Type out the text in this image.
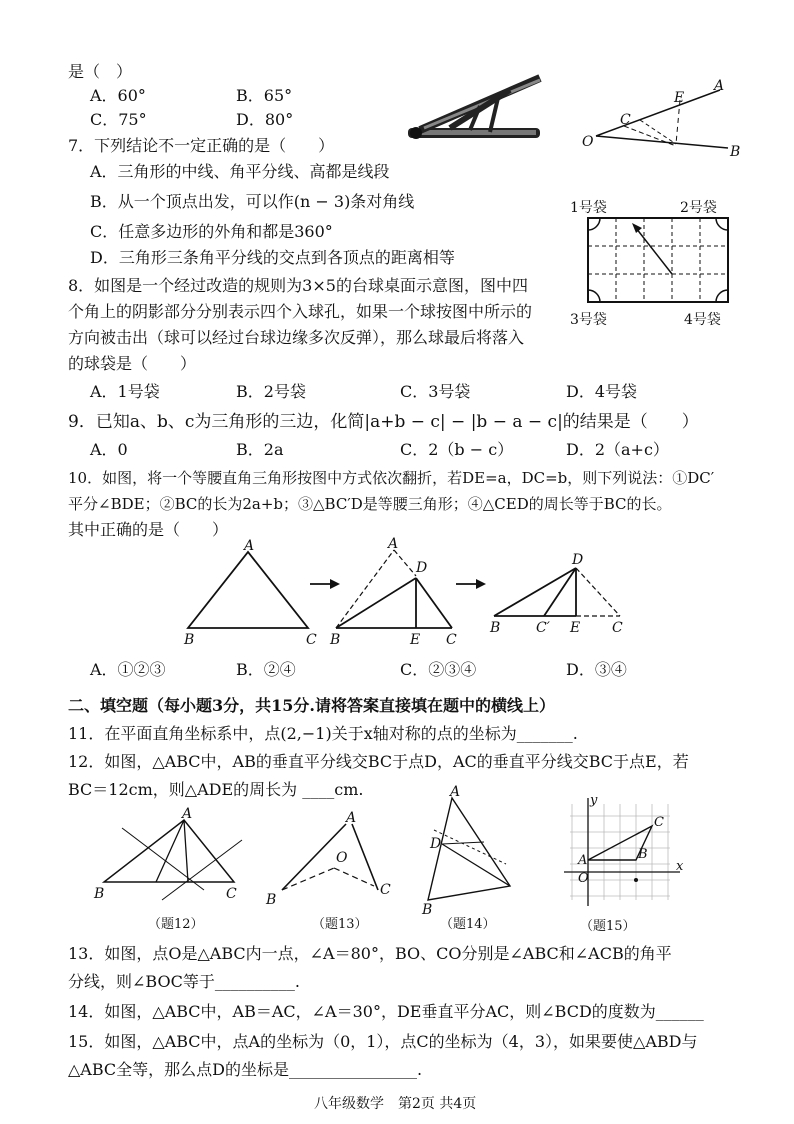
是（　）
A．60°	B．65°
C．75°	D．80°
O
A
B
C
E
7．下列结论不一定正确的是（　　）
A．三角形的中线、角平分线、高都是线段
B．从一个顶点出发，可以作(n − 3)条对角线
C．任意多边形的外角和都是360°
D．三角形三条角平分线的交点到各顶点的距离相等
1号袋	2号袋
3号袋	4号袋
8．如图是一个经过改造的规则为3×5的台球桌面示意图，图中四
个角上的阴影部分分别表示四个入球孔，如果一个球按图中所示的
方向被击出（球可以经过台球边缘多次反弹），那么球最后将落入
的球袋是（　　）
A．1号袋	B．2号袋	C．3号袋	D．4号袋
9．已知a、b、c为三角形的三边，化简|a+b − c| − |b − a − c|的结果是（　　）
A．0	B．2a	C．2（b − c）	D．2（a+c）
10．如图，将一个等腰直角三角形按图中方式依次翻折，若DE=a，DC=b，则下列说法：①DC′
平分∠BDE；②BC的长为2a+b；③△BC′D是等腰三角形；④△CED的周长等于BC的长。
其中正确的是（　　）
A
B	C
A
D
B	E C
D
B	C′ E C
A．①②③	B．②④	C．②③④	D．③④
二、填空题（每小题3分，共15分.请将答案直接填在题中的横线上）
11．在平面直角坐标系中，点(2,−1)关于x轴对称的点的坐标为_______.
12．如图，△ABC中，AB的垂直平分线交BC于点D，AC的垂直平分线交BC于点E，若
BC＝12cm，则△ADE的周长为 ____cm.
A
B	C
（题12）
A
O
B
C
（题13）
A
D
B
（题14）
y
x
O
A
C
B
（题15）
13．如图，点O是△ABC内一点，∠A＝80°，BO、CO分别是∠ABC和∠ACB的角平
分线，则∠BOC等于__________.
14．如图，△ABC中，AB＝AC，∠A＝30°，DE垂直平分AC，则∠BCD的度数为______
15．如图，△ABC中，点A的坐标为（0，1），点C的坐标为（4，3），如果要使△ABD与
△ABC全等，那么点D的坐标是________________.
八年级数学　第2页 共4页
